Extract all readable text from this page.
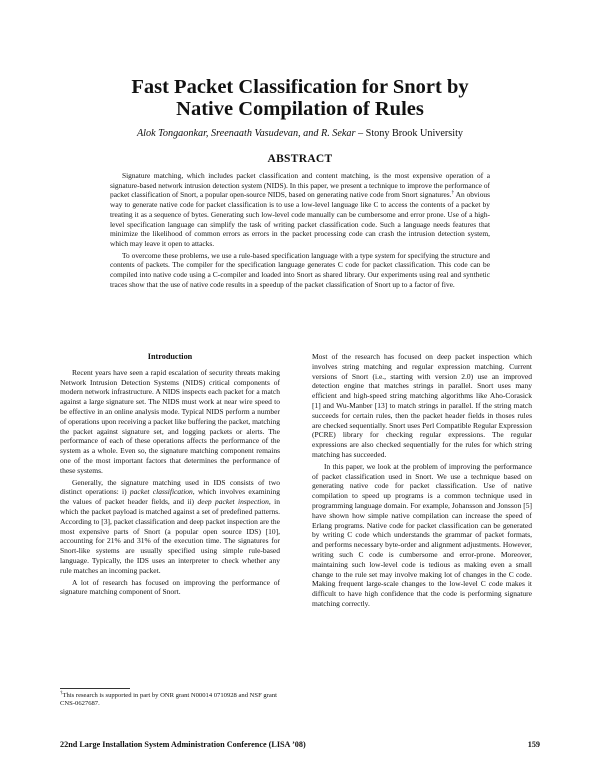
Fast Packet Classification for Snort by
Native Compilation of Rules
Alok Tongaonkar, Sreenaath Vasudevan, and R. Sekar – Stony Brook University
ABSTRACT

Signature matching, which includes packet classification and content matching, is the most expensive operation of a signature-based network intrusion detection system (NIDS). In this paper, we present a technique to improve the performance of packet classification of Snort, a popular open-source NIDS, based on generating native code from Snort signatures.† An obvious way to generate native code for packet classification is to use a low-level language like C to access the contents of a packet by treating it as a sequence of bytes. Generating such low-level code manually can be cumbersome and error prone. Use of a high-level specification language can simplify the task of writing packet classification code. Such a language needs features that minimize the likelihood of common errors as errors in the packet processing code can crash the intrusion detection system, which may leave it open to attacks.

To overcome these problems, we use a rule-based specification language with a type system for specifying the structure and contents of packets. The compiler for the specification language generates C code for packet classification. This code can be compiled into native code using a C-compiler and loaded into Snort as shared library. Our experiments using real and synthetic traces show that the use of native code results in a speedup of the packet classification of Snort up to a factor of five.

Introduction

Recent years have seen a rapid escalation of security threats making Network Intrusion Detection Systems (NIDS) critical components of modern network infrastructure. A NIDS inspects each packet for a match against a large signature set. The NIDS must work at near wire speed to be effective in an online analysis mode. Typical NIDS perform a number of operations upon receiving a packet like buffering the packet, matching the packet against signature set, and logging packets or alerts. The performance of each of these operations affects the performance of the system as a whole. Even so, the signature matching component remains one of the most important factors that determines the performance of these systems.

Generally, the signature matching used in IDS consists of two distinct operations: i) packet classification, which involves examining the values of packet header fields, and ii) deep packet inspection, in which the packet payload is matched against a set of predefined patterns. According to [3], packet classification and deep packet inspection are the most expensive parts of Snort (a popular open source IDS) [10], accounting for 21% and 31% of the execution time. The signatures for Snort-like systems are usually specified using simple rule-based language. Typically, the IDS uses an interpreter to check whether any rule matches an incoming packet.

A lot of research has focused on improving the performance of signature matching component of Snort.

†This research is supported in part by ONR grant N00014 0710928 and NSF grant CNS-0627687.

Most of the research has focused on deep packet inspection which involves string matching and regular expression matching. Current versions of Snort (i.e., starting with version 2.0) use an improved detection engine that matches strings in parallel. Snort uses many efficient and high-speed string matching algorithms like Aho-Corasick [1] and Wu-Manber [13] to match strings in parallel. If the string match succeeds for certain rules, then the packet header fields in thoses rules are checked sequentially. Snort uses Perl Compatible Regular Expression (PCRE) library for checking regular expressions. The regular expressions are also checked sequentially for the rules for which string matching has succeeded.

In this paper, we look at the problem of improving the performance of packet classification used in Snort. We use a technique based on generating native code for packet classification. Use of native compilation to speed up programs is a common technique used in programming language domain. For example, Johansson and Jonsson [5] have shown how simple native compilation can increase the speed of Erlang programs. Native code for packet classification can be generated by writing C code which understands the grammar of packet formats, and performs necessary byte-order and alignment adjustments. However, writing such C code is cumbersome and error-prone. Moreover, maintaining such low-level code is tedious as making even a small change to the rule set may involve making lot of changes in the C code. Making frequent large-scale changes to the low-level C code makes it difficult to have high confidence that the code is performing signature matching correctly.

22nd Large Installation System Administration Conference (LISA ’08)	159
